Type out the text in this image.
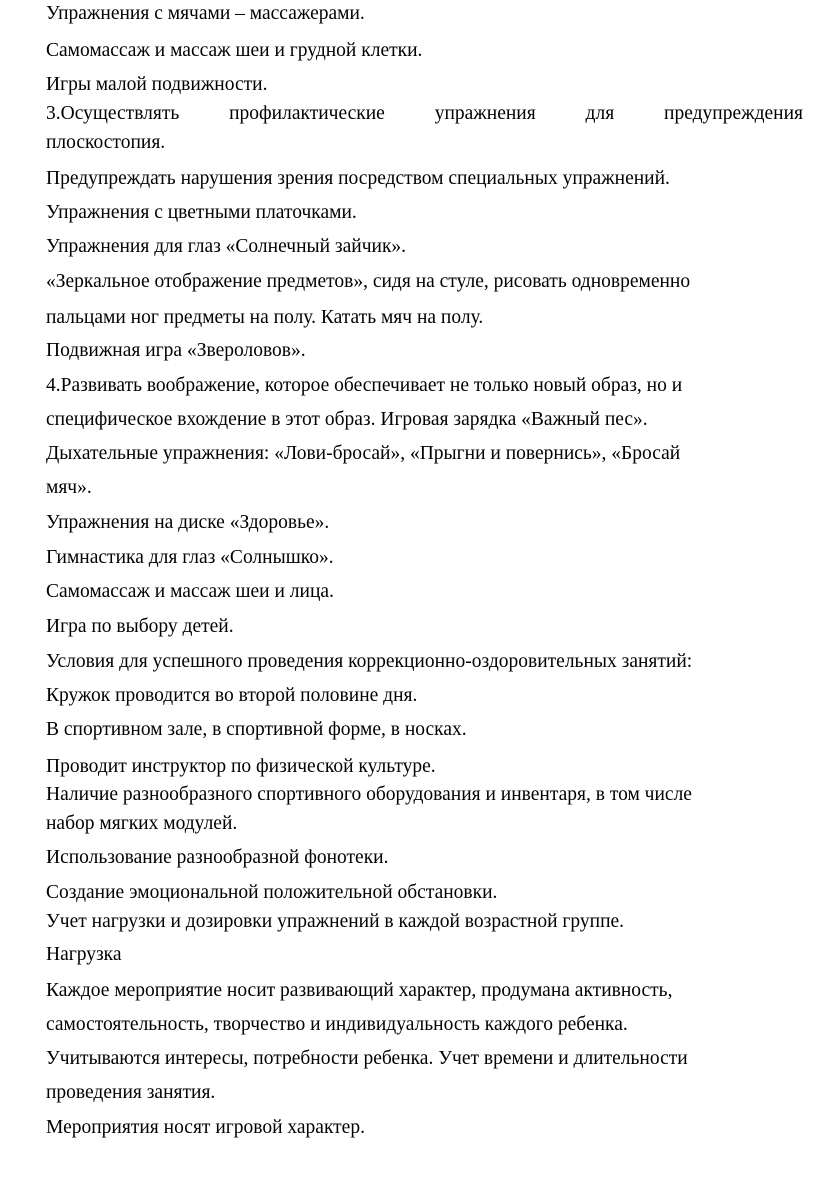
Упражнения с мячами – массажерами.
Самомассаж и массаж шеи и грудной клетки.
Игры малой подвижности.
3.Осуществлять профилактические упражнения для предупреждения
плоскостопия.
Предупреждать нарушения зрения посредством специальных упражнений.
Упражнения с цветными платочками.
Упражнения для глаз «Солнечный зайчик».
«Зеркальное отображение предметов», сидя на стуле, рисовать одновременно
пальцами ног предметы на полу. Катать мяч на полу.
Подвижная игра «Звероловов».
4.Развивать воображение, которое обеспечивает не только новый образ, но и
специфическое вхождение в этот образ. Игровая зарядка «Важный пес».
Дыхательные упражнения: «Лови-бросай», «Прыгни и повернись», «Бросай
мяч».
Упражнения на диске «Здоровье».
Гимнастика для глаз «Солнышко».
Самомассаж и массаж шеи и лица.
Игра по выбору детей.
Условия для успешного проведения коррекционно-оздоровительных занятий:
Кружок проводится во второй половине дня.
В спортивном зале, в спортивной форме, в носках.
Проводит инструктор по физической культуре.
Наличие разнообразного спортивного оборудования и инвентаря, в том числе
набор мягких модулей.
Использование разнообразной фонотеки.
Создание эмоциональной положительной обстановки.
Учет нагрузки и дозировки упражнений в каждой возрастной группе.
Нагрузка
Каждое мероприятие носит развивающий характер, продумана активность,
самостоятельность, творчество и индивидуальность каждого ребенка.
Учитываются интересы, потребности ребенка. Учет времени и длительности
проведения занятия.
Мероприятия носят игровой характер.
